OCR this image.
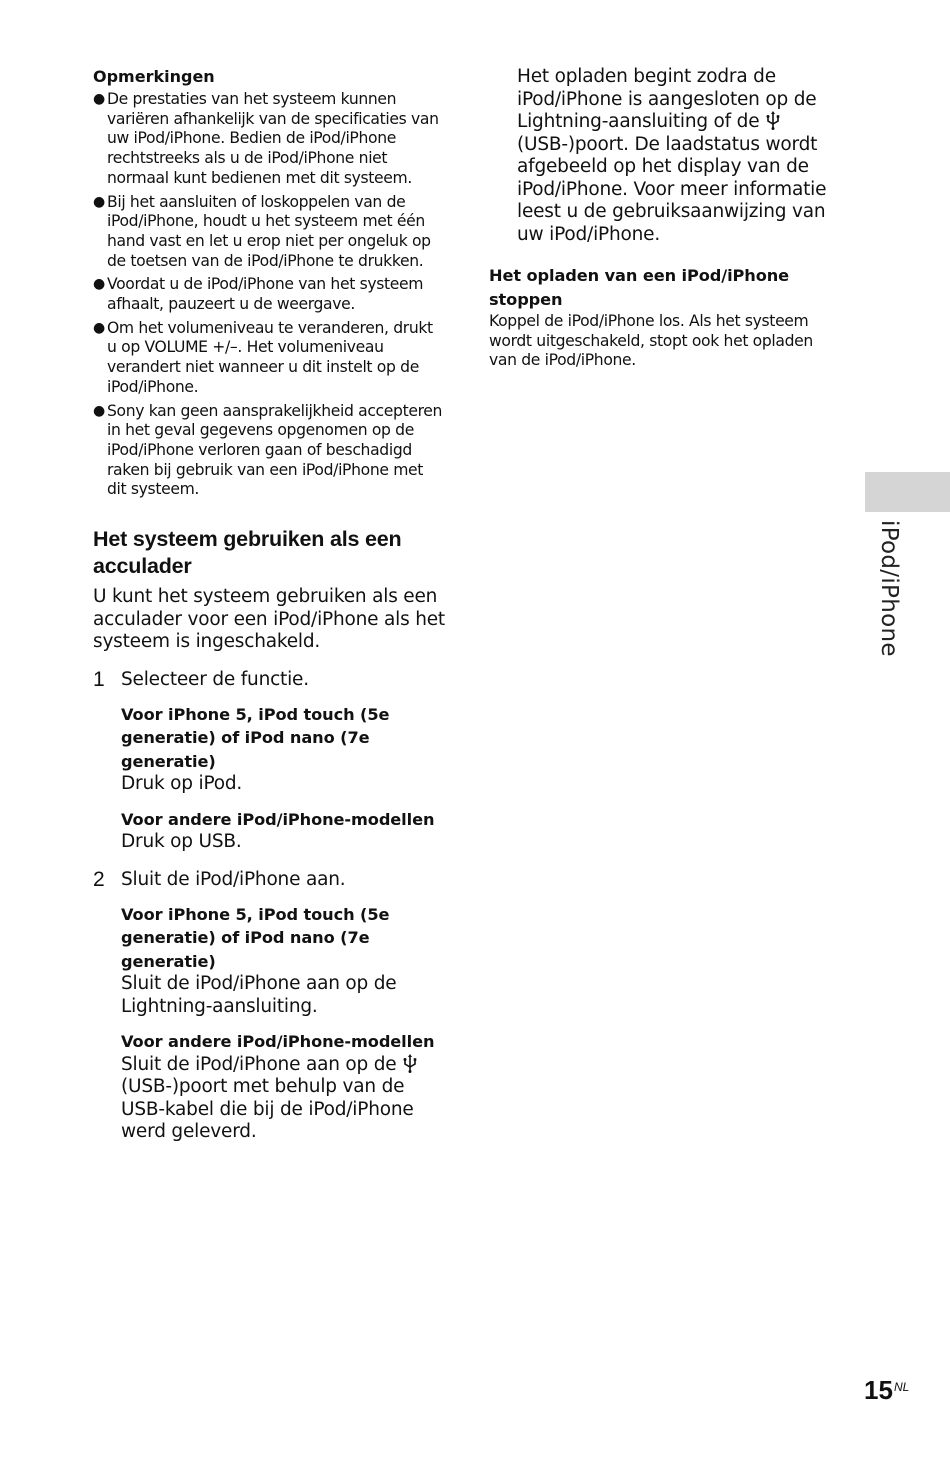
Opmerkingen
● De prestaties van het systeem kunnen variëren afhankelijk van de specificaties van uw iPod/iPhone. Bedien de iPod/iPhone rechtstreeks als u de iPod/iPhone niet normaal kunt bedienen met dit systeem.
● Bij het aansluiten of loskoppelen van de iPod/iPhone, houdt u het systeem met één hand vast en let u erop niet per ongeluk op de toetsen van de iPod/iPhone te drukken.
● Voordat u de iPod/iPhone van het systeem afhaalt, pauzeert u de weergave.
● Om het volumeniveau te veranderen, drukt u op VOLUME +/–. Het volumeniveau verandert niet wanneer u dit instelt op de iPod/iPhone.
● Sony kan geen aansprakelijkheid accepteren in het geval gegevens opgenomen op de iPod/iPhone verloren gaan of beschadigd raken bij gebruik van een iPod/iPhone met dit systeem.
Het systeem gebruiken als een acculader
U kunt het systeem gebruiken als een acculader voor een iPod/iPhone als het systeem is ingeschakeld.
1 Selecteer de functie.
Voor iPhone 5, iPod touch (5e generatie) of iPod nano (7e generatie)
Druk op iPod.
Voor andere iPod/iPhone-modellen
Druk op USB.
2 Sluit de iPod/iPhone aan.
Voor iPhone 5, iPod touch (5e generatie) of iPod nano (7e generatie)
Sluit de iPod/iPhone aan op de Lightning-aansluiting.
Voor andere iPod/iPhone-modellen
Sluit de iPod/iPhone aan op de
(USB-)poort met behulp van de USB-kabel die bij de iPod/iPhone werd geleverd.
Het opladen begint zodra de iPod/iPhone is aangesloten op de Lightning-aansluiting of de
(USB-)poort. De laadstatus wordt afgebeeld op het display van de iPod/iPhone. Voor meer informatie leest u de gebruiksaanwijzing van uw iPod/iPhone.
Het opladen van een iPod/iPhone stoppen
Koppel de iPod/iPhone los. Als het systeem wordt uitgeschakeld, stopt ook het opladen van de iPod/iPhone.
iPod/iPhone
15 NL
